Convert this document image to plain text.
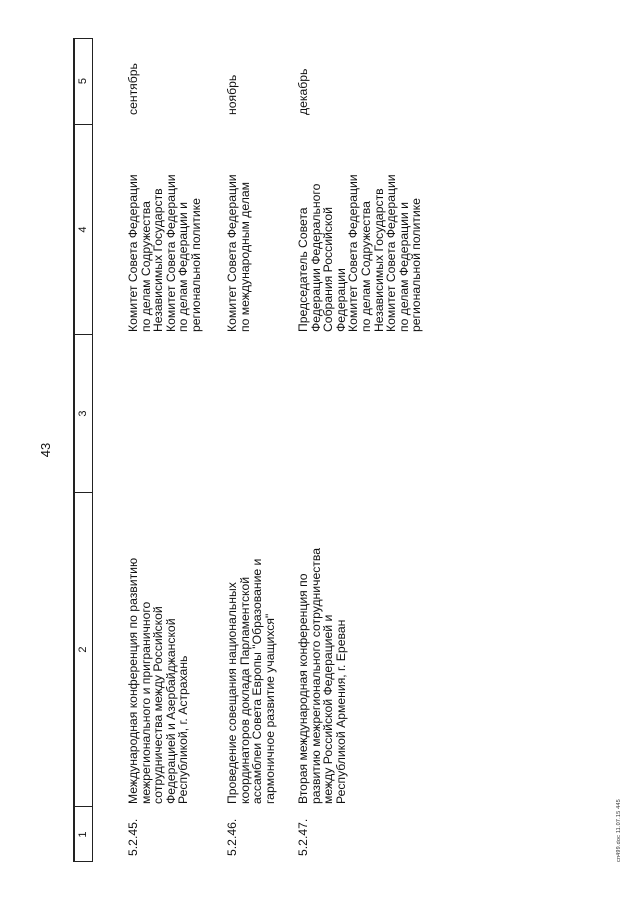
43
1
2
3
4
5
5.2.45.
Международная конференция по развитию
межрегионального и приграничного
сотрудничества между Российской
Федерацией и Азербайджанской
Республикой, г. Астрахань
Комитет Совета Федерации
по делам Содружества
Независимых Государств
Комитет Совета Федерации
по делам Федерации и
региональной политике
сентябрь
5.2.46.
Проведение совещания национальных
координаторов доклада Парламентской
ассамблеи Совета Европы "Образование и
гармоничное развитие учащихся"
Комитет Совета Федерации
по международным делам
ноябрь
5.2.47.
Вторая международная конференция по
развитию межрегионального сотрудничества
между Российской Федерацией и
Республикой Армения, г. Ереван
Председатель Совета
Федерации Федерального
Собрания Российской
Федерации
Комитет Совета Федерации
по делам Содружества
Независимых Государств
Комитет Совета Федерации
по делам Федерации и
региональной политике
декабрь
сп499.doc 11.07.15 445
